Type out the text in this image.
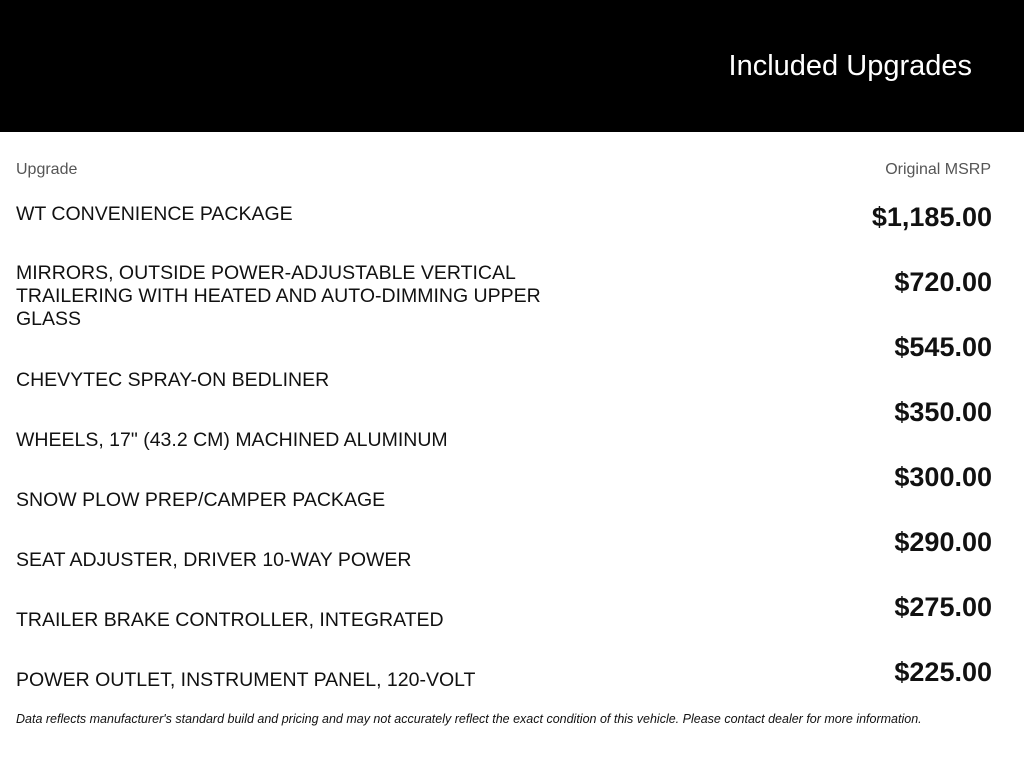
Included Upgrades
Upgrade	Original MSRP
WT CONVENIENCE PACKAGE
MIRRORS, OUTSIDE POWER-ADJUSTABLE VERTICAL TRAILERING WITH HEATED AND AUTO-DIMMING UPPER GLASS
CHEVYTEC SPRAY-ON BEDLINER
WHEELS, 17" (43.2 CM) MACHINED ALUMINUM
SNOW PLOW PREP/CAMPER PACKAGE
SEAT ADJUSTER, DRIVER 10-WAY POWER
TRAILER BRAKE CONTROLLER, INTEGRATED
POWER OUTLET, INSTRUMENT PANEL, 120-VOLT
$1,185.00
$720.00
$545.00
$350.00
$300.00
$290.00
$275.00
$225.00
Data reflects manufacturer's standard build and pricing and may not accurately reflect the exact condition of this vehicle. Please contact dealer for more information.
